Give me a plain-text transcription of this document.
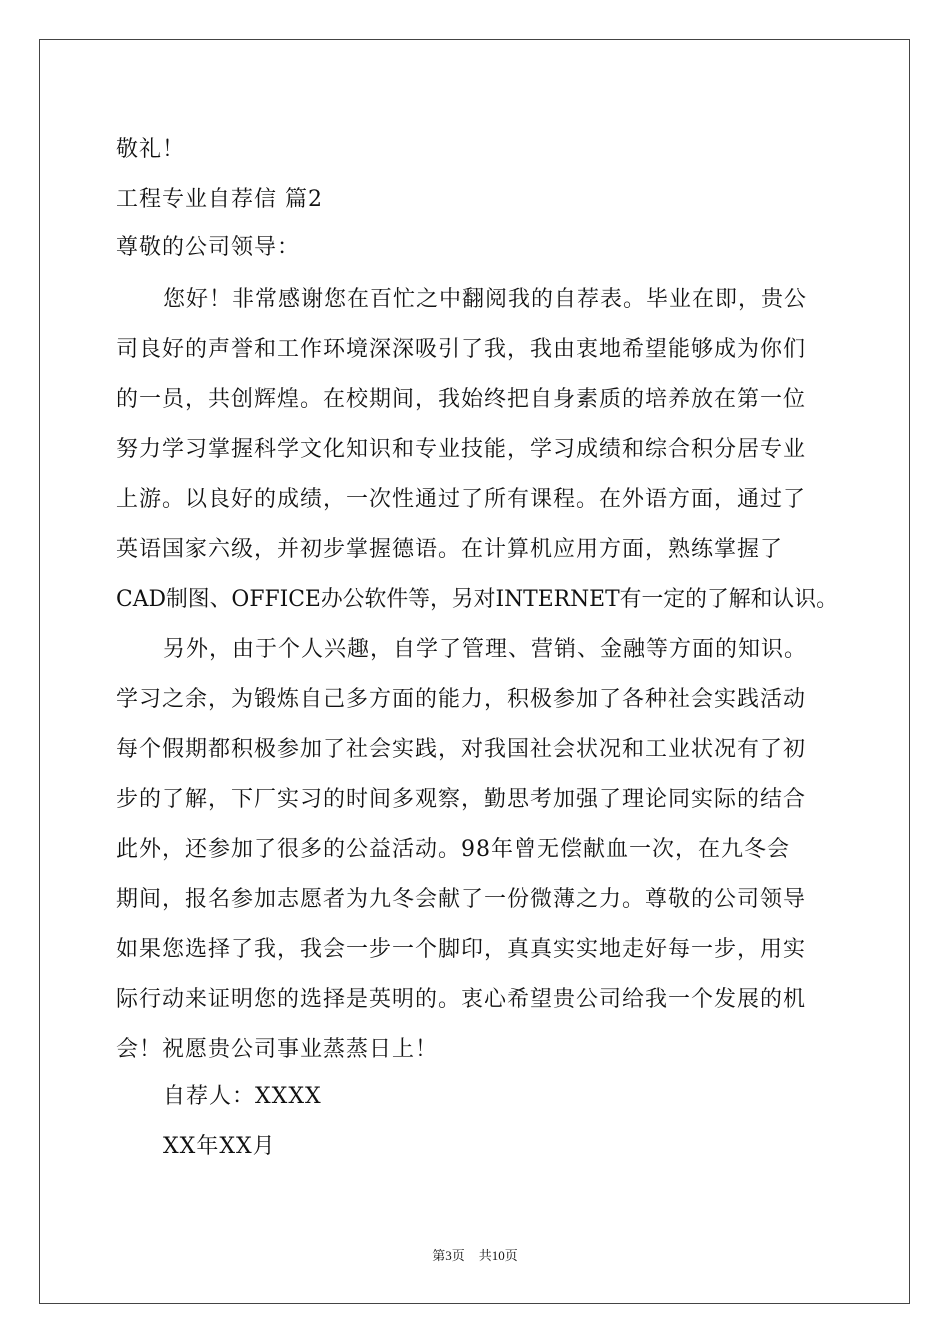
敬礼！
工程专业自荐信 篇2
尊敬的公司领导：
您好！非常感谢您在百忙之中翻阅我的自荐表。毕业在即，贵公
司良好的声誉和工作环境深深吸引了我，我由衷地希望能够成为你们
的一员，共创辉煌。在校期间，我始终把自身素质的培养放在第一位
努力学习掌握科学文化知识和专业技能，学习成绩和综合积分居专业
上游。以良好的成绩，一次性通过了所有课程。在外语方面，通过了
英语国家六级，并初步掌握德语。在计算机应用方面，熟练掌握了
CAD制图、OFFICE办公软件等，另对INTERNET有一定的了解和认识。
另外，由于个人兴趣，自学了管理、营销、金融等方面的知识。
学习之余，为锻炼自己多方面的能力，积极参加了各种社会实践活动
每个假期都积极参加了社会实践，对我国社会状况和工业状况有了初
步的了解，下厂实习的时间多观察，勤思考加强了理论同实际的结合
此外，还参加了很多的公益活动。98年曾无偿献血一次，在九冬会
期间，报名参加志愿者为九冬会献了一份微薄之力。尊敬的公司领导
如果您选择了我，我会一步一个脚印，真真实实地走好每一步，用实
际行动来证明您的选择是英明的。衷心希望贵公司给我一个发展的机
会！祝愿贵公司事业蒸蒸日上！
自荐人：XXXX
XX年XX月
第3页 共10页
